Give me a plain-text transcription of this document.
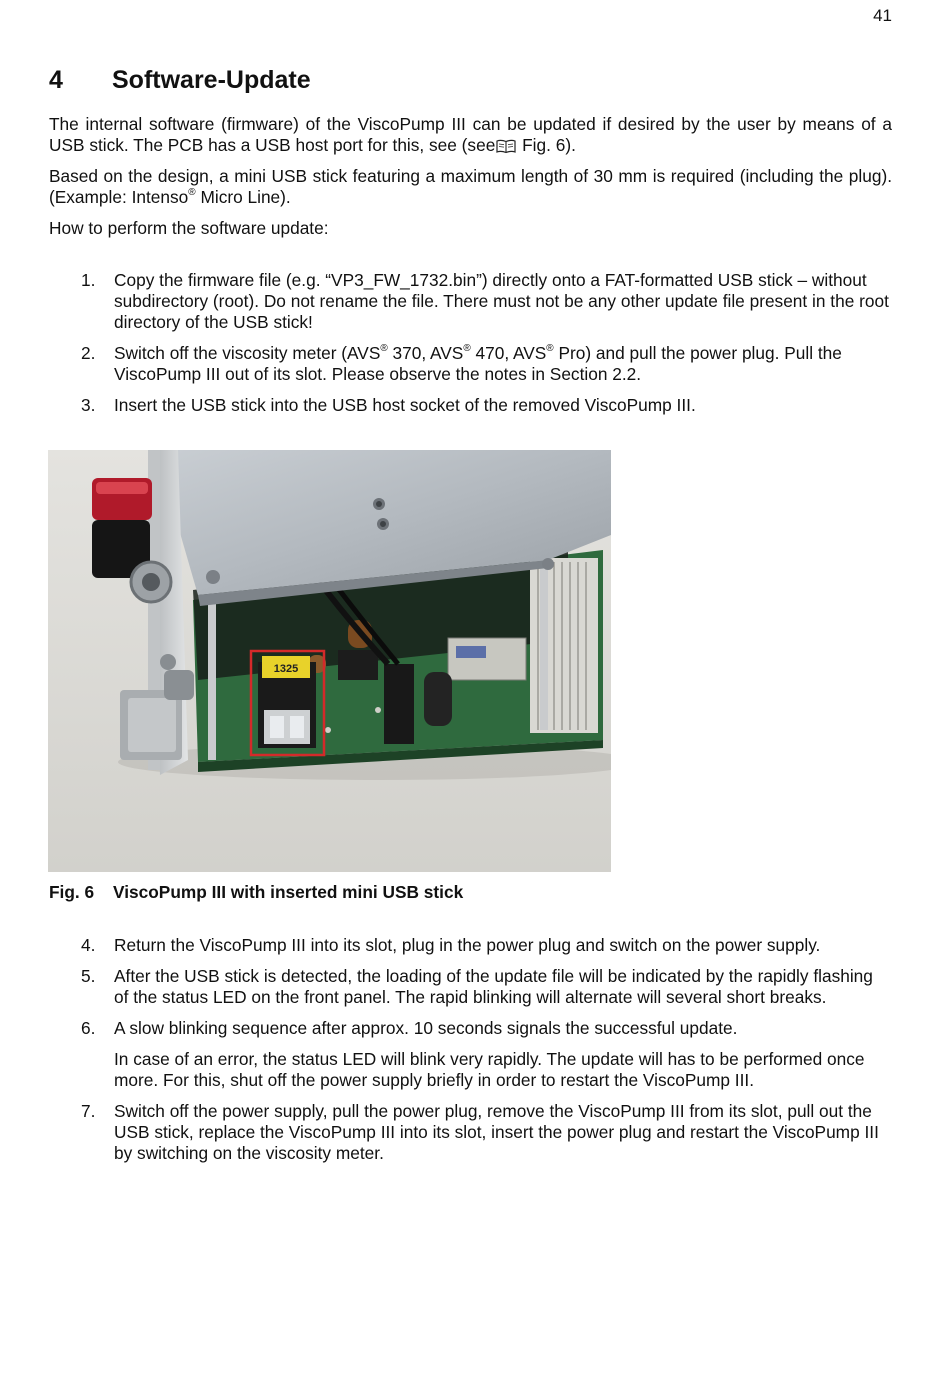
41
4	Software-Update

The internal software (firmware) of the ViscoPump III can be updated if desired by the user by means of a USB stick. The PCB has a USB host port for this, see (see Fig. 6).

Based on the design, a mini USB stick featuring a maximum length of 30 mm is required (including the plug). (Example: Intenso® Micro Line).

How to perform the software update:

1. Copy the firmware file (e.g. “VP3_FW_1732.bin”) directly onto a FAT-formatted USB stick – without subdirectory (root). Do not rename the file. There must not be any other update file present in the root directory of the USB stick!
2. Switch off the viscosity meter (AVS® 370, AVS® 470, AVS® Pro) and pull the power plug. Pull the ViscoPump III out of its slot. Please observe the notes in Section 2.2.
3. Insert the USB stick into the USB host socket of the removed ViscoPump III.
1325
Fig. 6	ViscoPump III with inserted mini USB stick
4. Return the ViscoPump III into its slot, plug in the power plug and switch on the power supply.
5. After the USB stick is detected, the loading of the update file will be indicated by the rapidly flashing of the status LED on the front panel. The rapid blinking will alternate will several short breaks.
6. A slow blinking sequence after approx. 10 seconds signals the successful update.
In case of an error, the status LED will blink very rapidly. The update will has to be performed once more. For this, shut off the power supply briefly in order to restart the ViscoPump III.
7. Switch off the power supply, pull the power plug, remove the ViscoPump III from its slot, pull out the USB stick, replace the ViscoPump III into its slot, insert the power plug and restart the ViscoPump III by switching on the viscosity meter.
